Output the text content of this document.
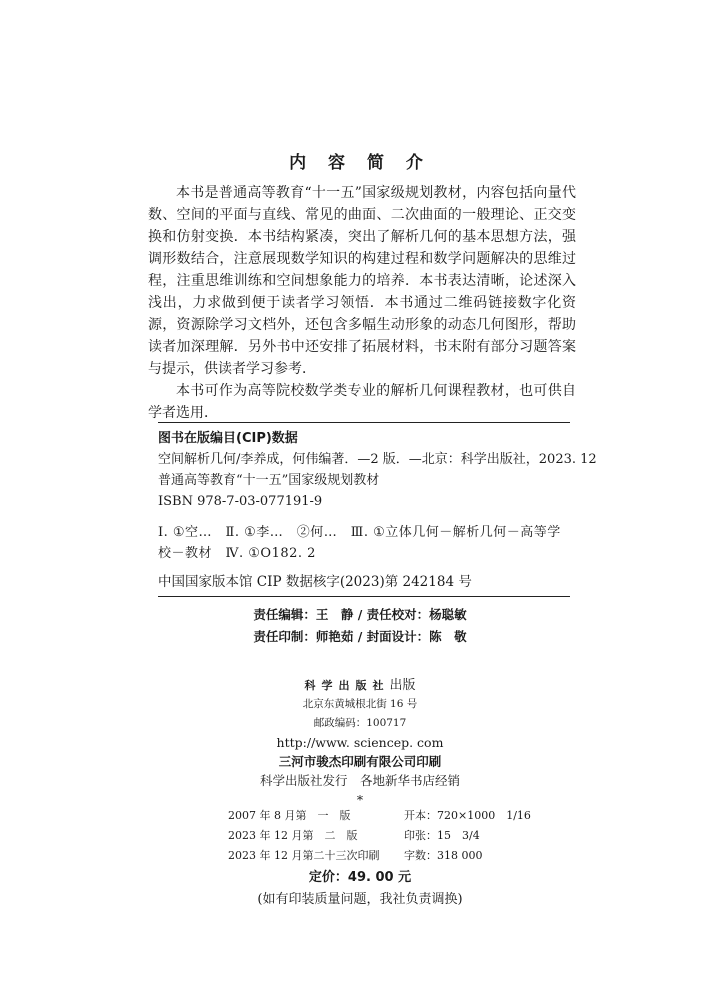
内 容 简 介

本书是普通高等教育“十一五”国家级规划教材，内容包括向量代数、空间的平面与直线、常见的曲面、二次曲面的一般理论、正交变换和仿射变换．本书结构紧凑，突出了解析几何的基本思想方法，强调形数结合，注意展现数学知识的构建过程和数学问题解决的思维过程，注重思维训练和空间想象能力的培养．本书表达清晰，论述深入浅出，力求做到便于读者学习领悟．本书通过二维码链接数字化资源，资源除学习文档外，还包含多幅生动形象的动态几何图形，帮助读者加深理解．另外书中还安排了拓展材料，书末附有部分习题答案与提示，供读者学习参考．

本书可作为高等院校数学类专业的解析几何课程教材，也可供自学者选用．

图书在版编目(CIP)数据
空间解析几何/李养成，何伟编著．—2 版．—北京：科学出版社，2023. 12
普通高等教育“十一五”国家级规划教材
ISBN 978-7-03-077191-9
Ⅰ. ①空…　Ⅱ. ①李…　②何…　Ⅲ. ①立体几何－解析几何－高等学校－教材　Ⅳ. ①O182. 2
中国国家版本馆 CIP 数据核字(2023)第 242184 号
责任编辑：王　静 / 责任校对：杨聪敏
责任印制：师艳茹 / 封面设计：陈　敬
科学出版社出版
北京东黄城根北街 16 号
邮政编码：100717
http://www. sciencep. com
三河市骏杰印刷有限公司印刷
科学出版社发行　各地新华书店经销
*
2007 年 8 月第　一　版	开本：720×1000　1/16
2023 年 12 月第　二　版	印张：15　3/4
2023 年 12 月第二十三次印刷	字数：318 000
定价：49. 00 元
(如有印装质量问题，我社负责调换)
